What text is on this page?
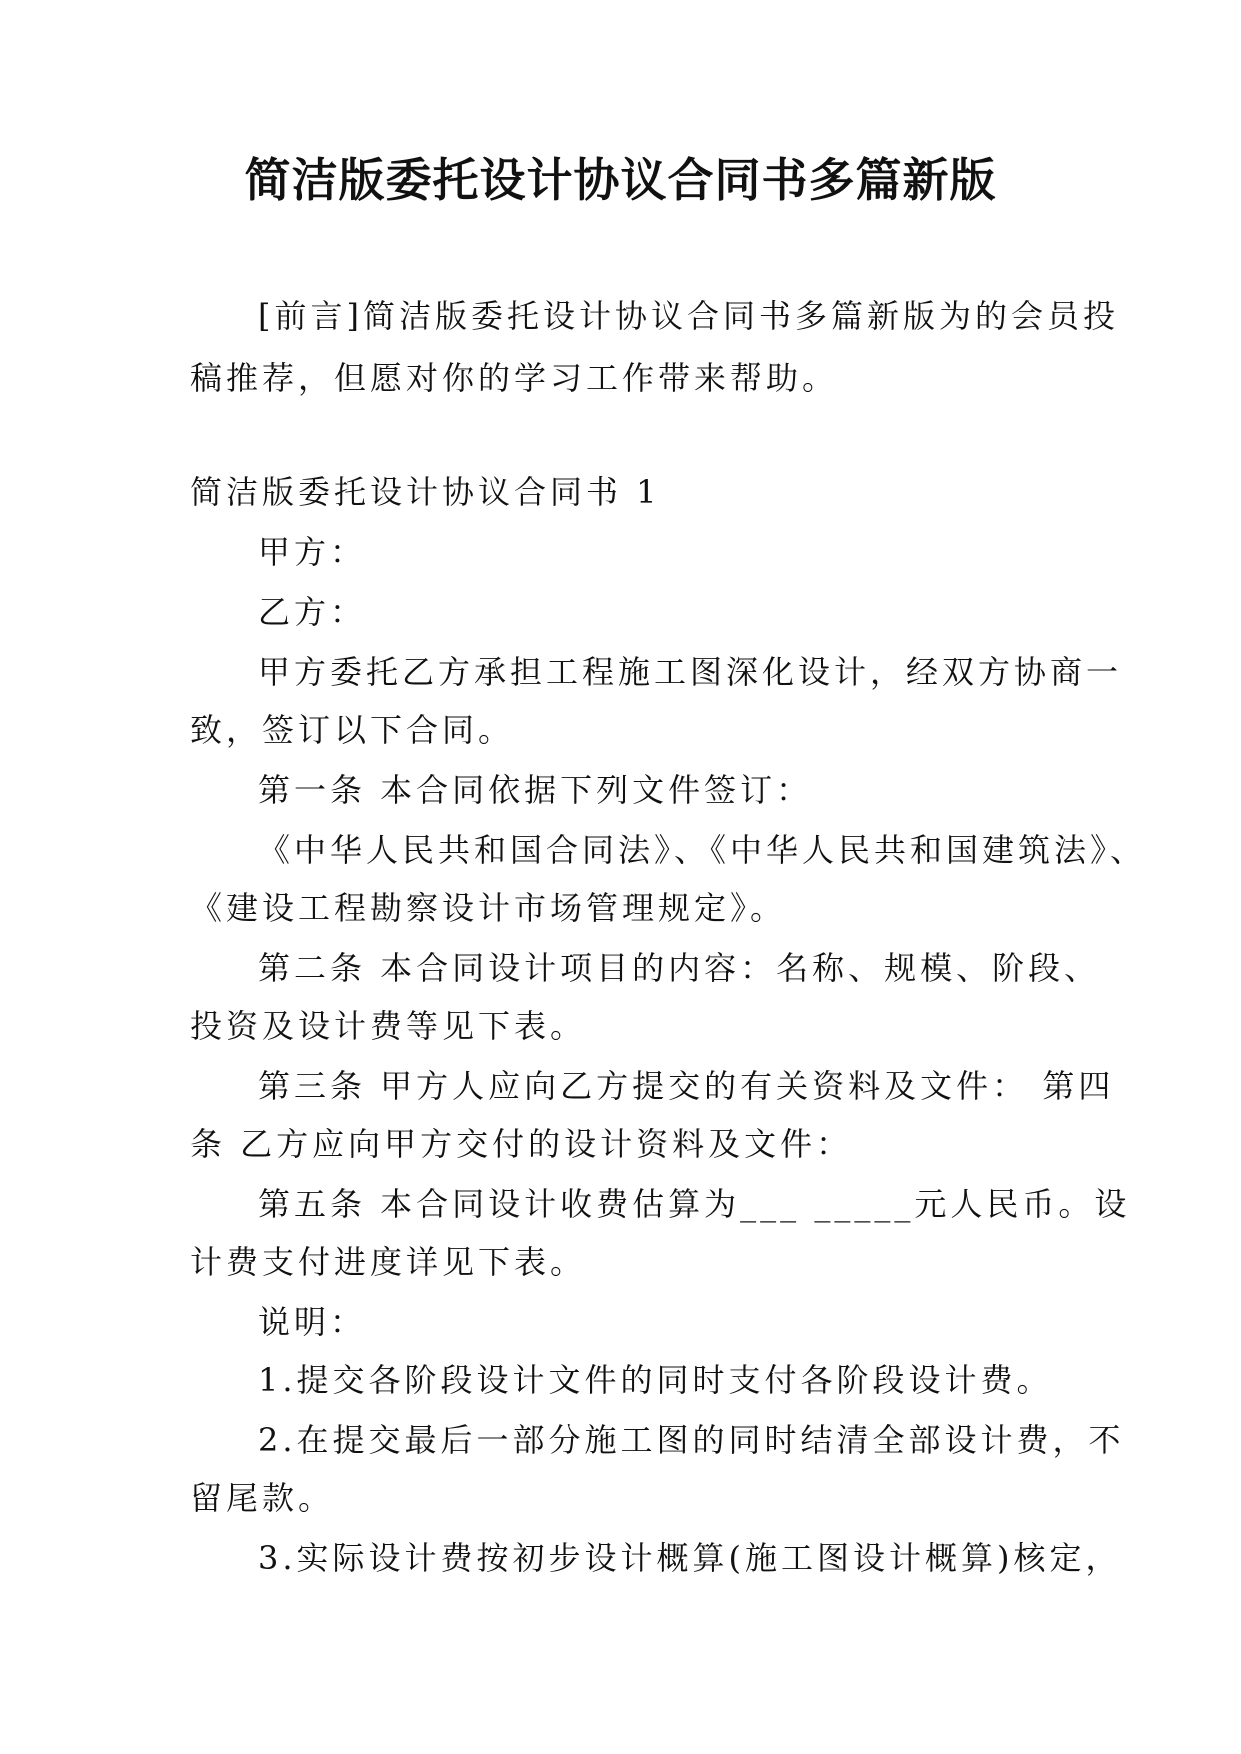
简洁版委托设计协议合同书多篇新版
[前言]简洁版委托设计协议合同书多篇新版为的会员投
稿推荐，但愿对你的学习工作带来帮助。
简洁版委托设计协议合同书 1
甲方：
乙方：
甲方委托乙方承担工程施工图深化设计，经双方协商一
致，签订以下合同。
第一条 本合同依据下列文件签订：
《中华人民共和国合同法》、《中华人民共和国建筑法》、
《建设工程勘察设计市场管理规定》。
第二条 本合同设计项目的内容：名称、规模、阶段、
投资及设计费等见下表。
第三条 甲方人应向乙方提交的有关资料及文件： 第四
条 乙方应向甲方交付的设计资料及文件：
第五条 本合同设计收费估算为___ _____元人民币。设
计费支付进度详见下表。
说明：
1.提交各阶段设计文件的同时支付各阶段设计费。
2.在提交最后一部分施工图的同时结清全部设计费，不
留尾款。
3.实际设计费按初步设计概算(施工图设计概算)核定，
